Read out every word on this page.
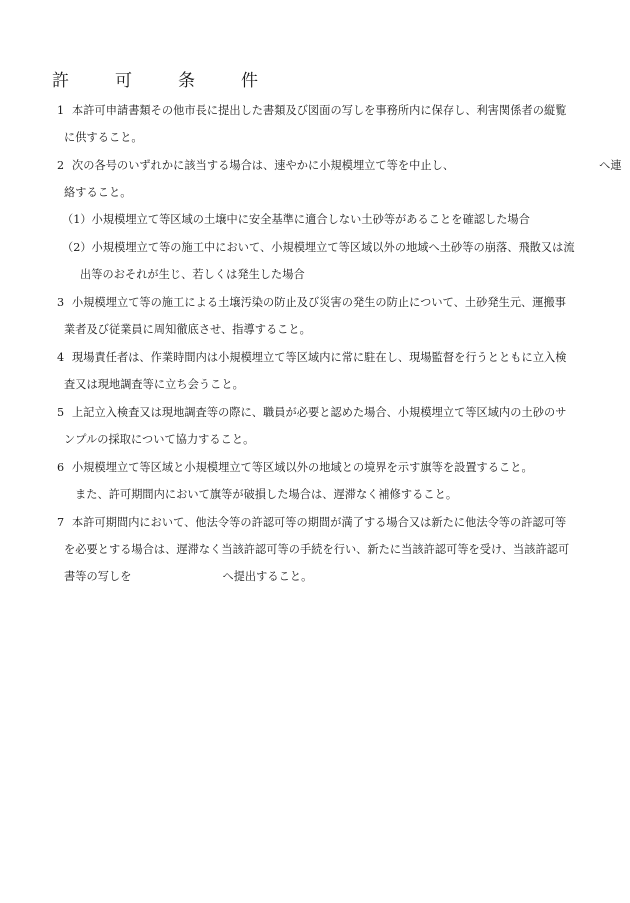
許	可	条	件
1 本許可申請書類その他市長に提出した書類及び図面の写しを事務所内に保存し、利害関係者の縦覧
に供すること。
2 次の各号のいずれかに該当する場合は、速やかに小規模埋立て等を中止し、	へ連
絡すること。
（1）小規模埋立て等区域の土壌中に安全基準に適合しない土砂等があることを確認した場合
（2）小規模埋立て等の施工中において、小規模埋立て等区域以外の地域へ土砂等の崩落、飛散又は流
出等のおそれが生じ、若しくは発生した場合
3 小規模埋立て等の施工による土壌汚染の防止及び災害の発生の防止について、土砂発生元、運搬事
業者及び従業員に周知徹底させ、指導すること。
4 現場責任者は、作業時間内は小規模埋立て等区域内に常に駐在し、現場監督を行うとともに立入検
査又は現地調査等に立ち会うこと。
5 上記立入検査又は現地調査等の際に、職員が必要と認めた場合、小規模埋立て等区域内の土砂のサ
ンプルの採取について協力すること。
6 小規模埋立て等区域と小規模埋立て等区域以外の地域との境界を示す旗等を設置すること。
また、許可期間内において旗等が破損した場合は、遅滞なく補修すること。
7 本許可期間内において、他法令等の許認可等の期間が満了する場合又は新たに他法令等の許認可等
を必要とする場合は、遅滞なく当該許認可等の手続を行い、新たに当該許認可等を受け、当該許認可
書等の写しを	へ提出すること。
